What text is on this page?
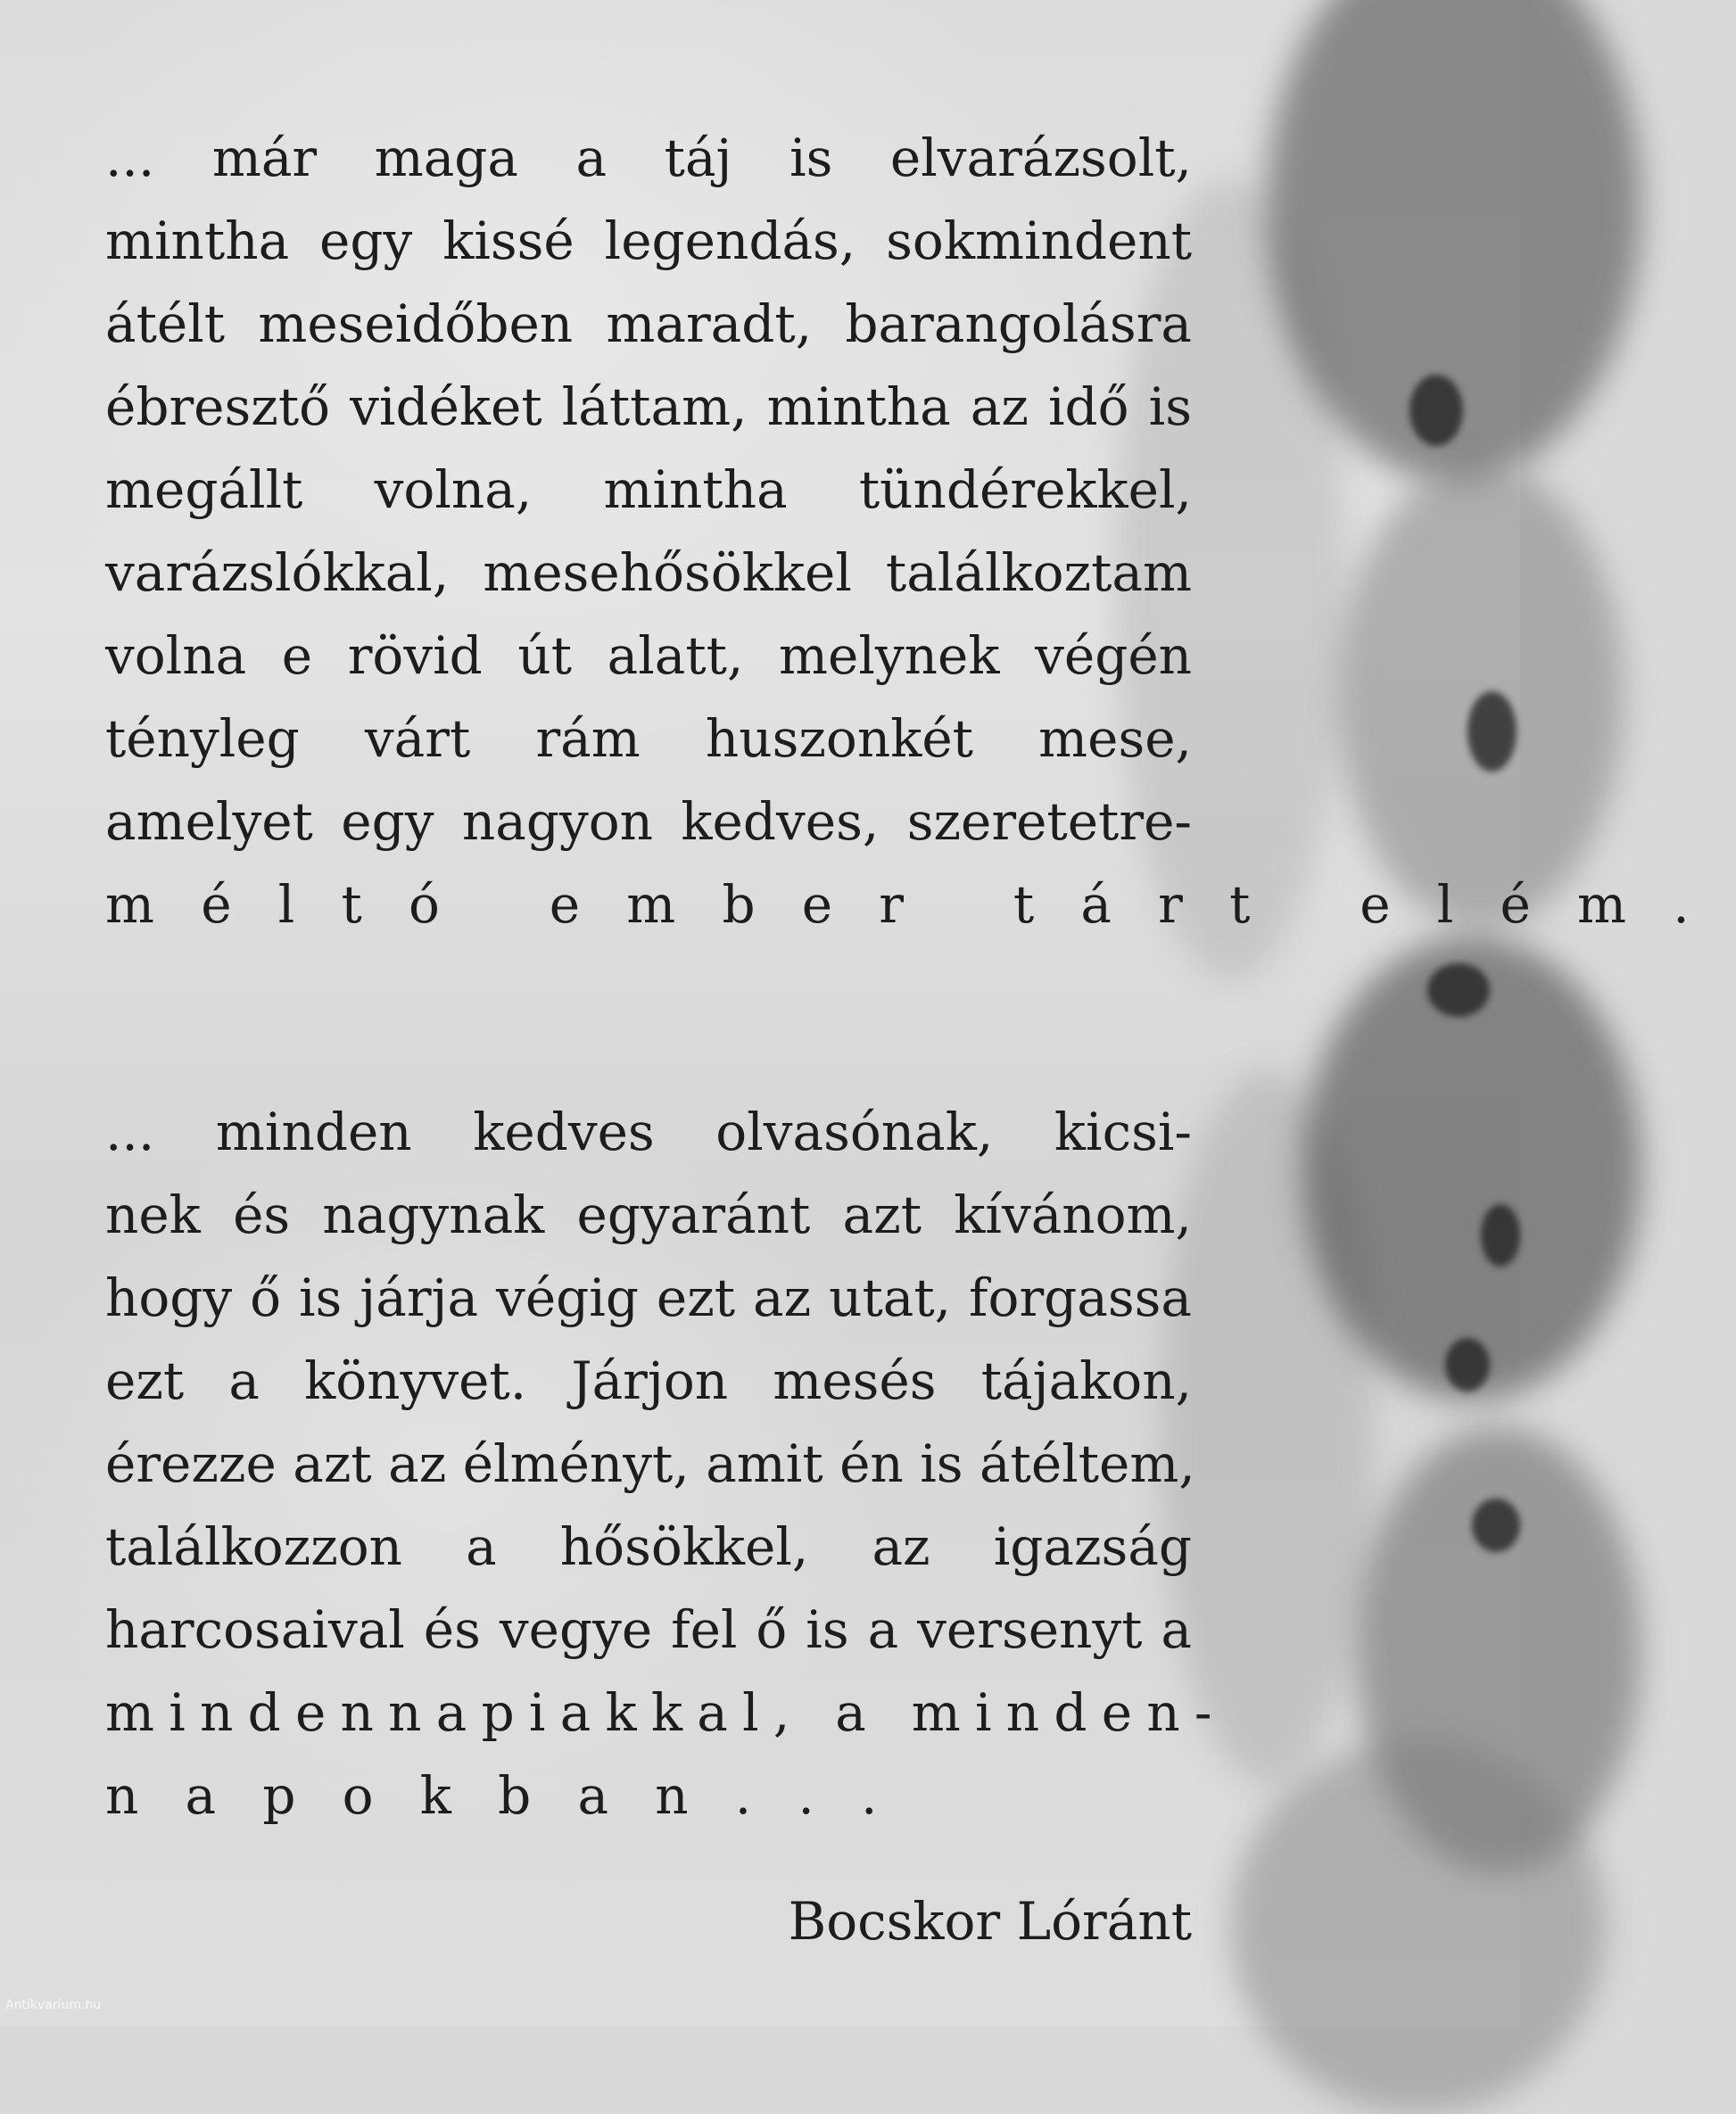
... már maga a táj is elvarázsolt,
mintha egy kissé legendás, sokmindent
átélt meseidőben maradt, barangolásra
ébresztő vidéket láttam, mintha az idő is
megállt volna, mintha tündérekkel,
varázslókkal, mesehősökkel találkoztam
volna e rövid út alatt, melynek végén
tényleg várt rám huszonkét mese,
amelyet egy nagyon kedves, szeretetre-
méltó ember tárt elém.
... minden kedves olvasónak, kicsi-
nek és nagynak egyaránt azt kívánom,
hogy ő is járja végig ezt az utat, forgassa
ezt a könyvet. Járjon mesés tájakon,
érezze azt az élményt, amit én is átéltem,
találkozzon a hősökkel, az igazság
harcosaival és vegye fel ő is a versenyt a
mindennapiakkal, a minden-
napokban...
Bocskor Lóránt
Antikvarium.hu
